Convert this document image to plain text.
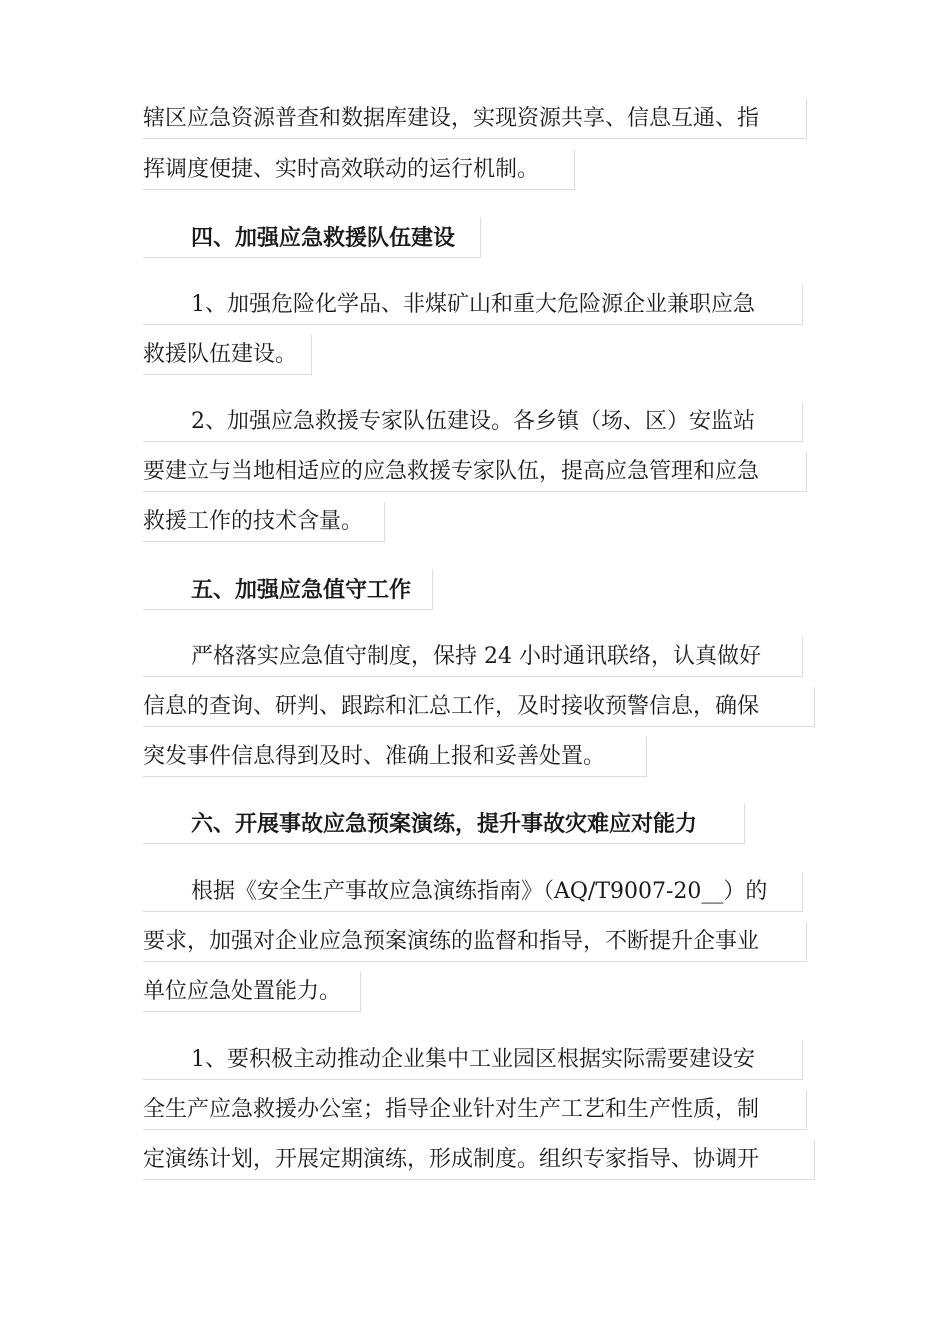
辖区应急资源普查和数据库建设，实现资源共享、信息互通、指
挥调度便捷、实时高效联动的运行机制。
四、加强应急救援队伍建设
1、加强危险化学品、非煤矿山和重大危险源企业兼职应急
救援队伍建设。
2、加强应急救援专家队伍建设。各乡镇（场、区）安监站
要建立与当地相适应的应急救援专家队伍，提高应急管理和应急
救援工作的技术含量。
五、加强应急值守工作
严格落实应急值守制度，保持 24 小时通讯联络，认真做好
信息的查询、研判、跟踪和汇总工作，及时接收预警信息，确保
突发事件信息得到及时、准确上报和妥善处置。
六、开展事故应急预案演练，提升事故灾难应对能力
根据《安全生产事故应急演练指南》（AQ/T9007-20__）的
要求，加强对企业应急预案演练的监督和指导，不断提升企事业
单位应急处置能力。
1、要积极主动推动企业集中工业园区根据实际需要建设安
全生产应急救援办公室；指导企业针对生产工艺和生产性质，制
定演练计划，开展定期演练，形成制度。组织专家指导、协调开
